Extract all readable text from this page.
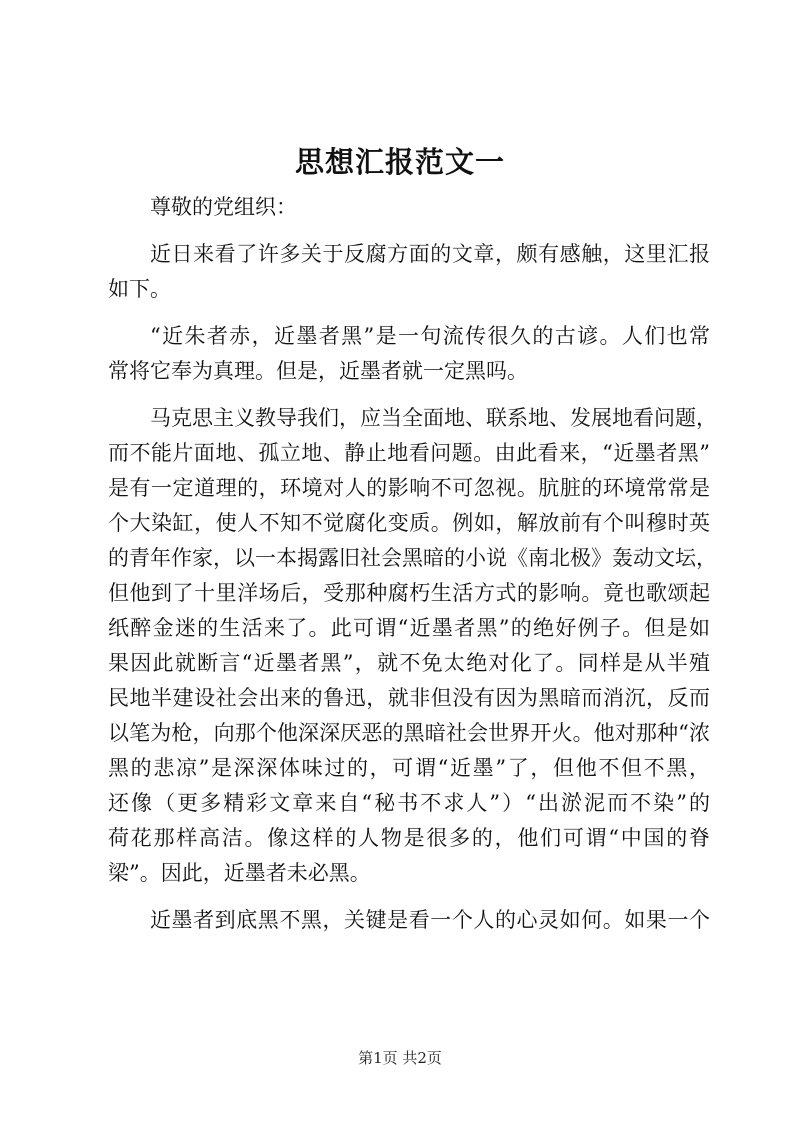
思想汇报范文一

尊敬的党组织：

近日来看了许多关于反腐方面的文章，颇有感触，这里汇报
如下。

“近朱者赤，近墨者黑”是一句流传很久的古谚。人们也常
常将它奉为真理。但是，近墨者就一定黑吗。

马克思主义教导我们，应当全面地、联系地、发展地看问题，
而不能片面地、孤立地、静止地看问题。由此看来，“近墨者黑”
是有一定道理的，环境对人的影响不可忽视。肮脏的环境常常是
个大染缸，使人不知不觉腐化变质。例如，解放前有个叫穆时英
的青年作家，以一本揭露旧社会黑暗的小说《南北极》轰动文坛，
但他到了十里洋场后，受那种腐朽生活方式的影响。竟也歌颂起
纸醉金迷的生活来了。此可谓“近墨者黑”的绝好例子。但是如
果因此就断言“近墨者黑”，就不免太绝对化了。同样是从半殖
民地半建设社会出来的鲁迅，就非但没有因为黑暗而消沉，反而
以笔为枪，向那个他深深厌恶的黑暗社会世界开火。他对那种“浓
黑的悲凉”是深深体味过的，可谓“近墨”了，但他不但不黑，
还像（更多精彩文章来自“秘书不求人”）“出淤泥而不染”的
荷花那样高洁。像这样的人物是很多的，他们可谓“中国的脊
梁”。因此，近墨者未必黑。

近墨者到底黑不黑，关键是看一个人的心灵如何。如果一个

第1页 共2页
